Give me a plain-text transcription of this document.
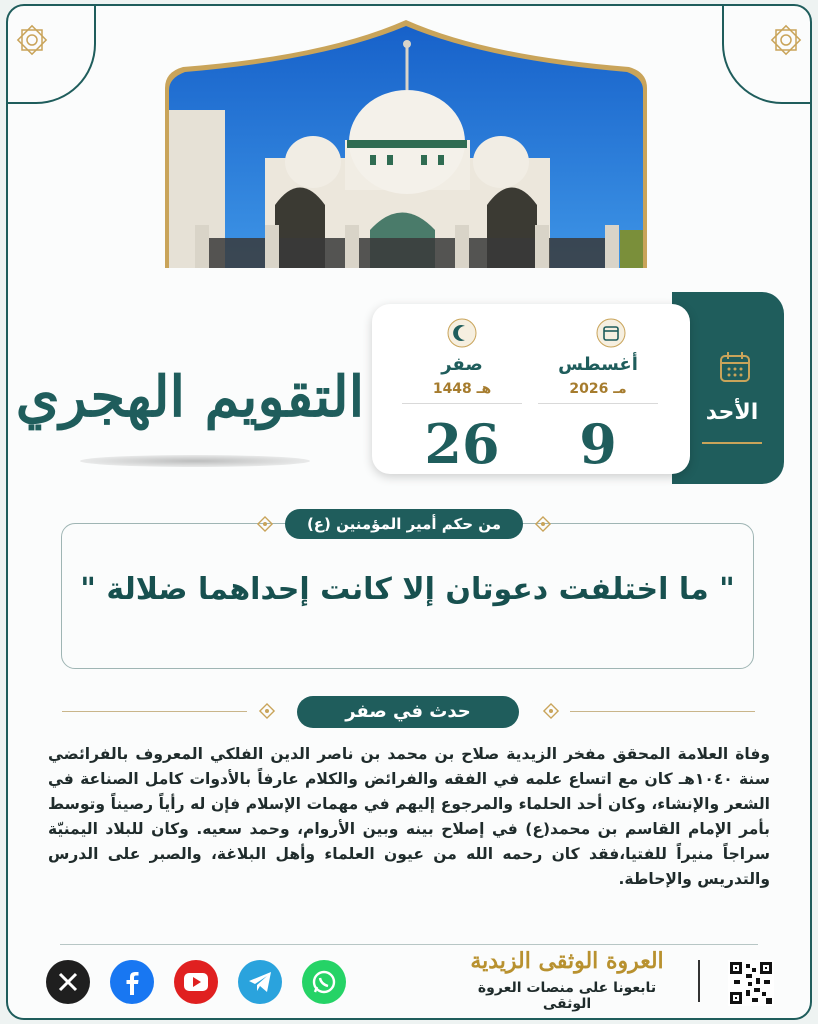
التقويم الهجري	أغسطس
2026 مـ
9
صفر
1448 هـ
26	الأحد
من حكم أمير المؤمنين (ع)
" ما اختلفت دعوتان إلا كانت إحداهما ضلالة "
حدث في صفر
وفاة العلامة المحقق مفخر الزيدية صلاح بن محمد بن ناصر الدين الفلكي المعروف بالفرائضي سنة ١٠٤٠هـ كان مع اتساع علمه في الفقه والفرائض والكلام عارفاً بالأدوات كامل الصناعة في الشعر والإنشاء، وكان أحد الحلماء والمرجوع إليهم في مهمات الإسلام فإن له رأياً رصيناً وتوسط بأمر الإمام القاسم بن محمد(ع) في إصلاح بينه وبين الأروام، وحمد سعيه. وكان للبلاد اليمنيّة سراجاً منيراً للفتيا،فقد كان رحمه الله من عيون العلماء وأهل البلاغة، والصبر على الدرس والتدريس والإحاطة.
العروة الوثقى الزيدية
تابعونا على منصات العروة الوثقى
